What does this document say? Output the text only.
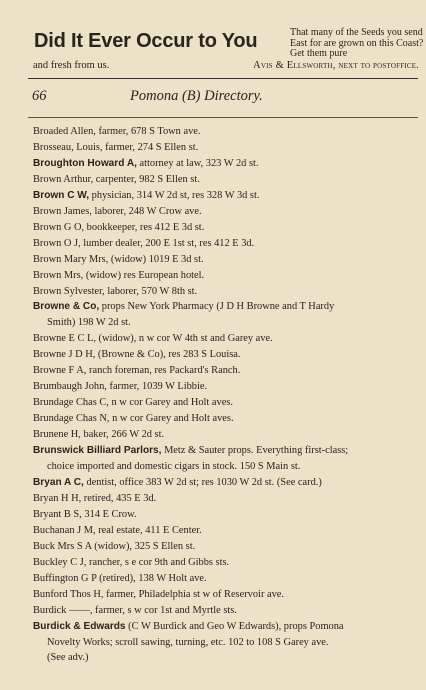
Did It Ever Occur to You	That many of the Seeds you send East for are grown on this Coast? Get them pure
and fresh from us.	Avis & Ellsworth, next to postoffice.
66	Pomona (B) Directory.
Broaded Allen, farmer, 678 S Town ave.
Brosseau, Louis, farmer, 274 S Ellen st.
Broughton Howard A, attorney at law, 323 W 2d st.
Brown Arthur, carpenter, 982 S Ellen st.
Brown C W, physician, 314 W 2d st, res 328 W 3d st.
Brown James, laborer, 248 W Crow ave.
Brown G O, bookkeeper, res 412 E 3d st.
Brown O J, lumber dealer, 200 E 1st st, res 412 E 3d.
Brown Mary Mrs, (widow) 1019 E 3d st.
Brown Mrs, (widow) res European hotel.
Brown Sylvester, laborer, 570 W 8th st.
Browne & Co, props New York Pharmacy (J D H Browne and T Hardy
Smith) 198 W 2d st.
Browne E C L, (widow), n w cor W 4th st and Garey ave.
Browne J D H, (Browne & Co), res 283 S Louisa.
Browne F A, ranch foreman, res Packard's Ranch.
Brumbaugh John, farmer, 1039 W Libbie.
Brundage Chas C, n w cor Garey and Holt aves.
Brundage Chas N, n w cor Garey and Holt aves.
Brunene H, baker, 266 W 2d st.
Brunswick Billiard Parlors, Metz & Sauter props. Everything first-class;
choice imported and domestic cigars in stock. 150 S Main st.
Bryan A C, dentist, office 383 W 2d st; res 1030 W 2d st. (See card.)
Bryan H H, retired, 435 E 3d.
Bryant B S, 314 E Crow.
Buchanan J M, real estate, 411 E Center.
Buck Mrs S A (widow), 325 S Ellen st.
Buckley C J, rancher, s e cor 9th and Gibbs sts.
Buffington G P (retired), 138 W Holt ave.
Bunford Thos H, farmer, Philadelphia st w of Reservoir ave.
Burdick ——, farmer, s w cor 1st and Myrtle sts.
Burdick & Edwards (C W Burdick and Geo W Edwards), props Pomona
Novelty Works; scroll sawing, turning, etc. 102 to 108 S Garey ave.
(See adv.)
